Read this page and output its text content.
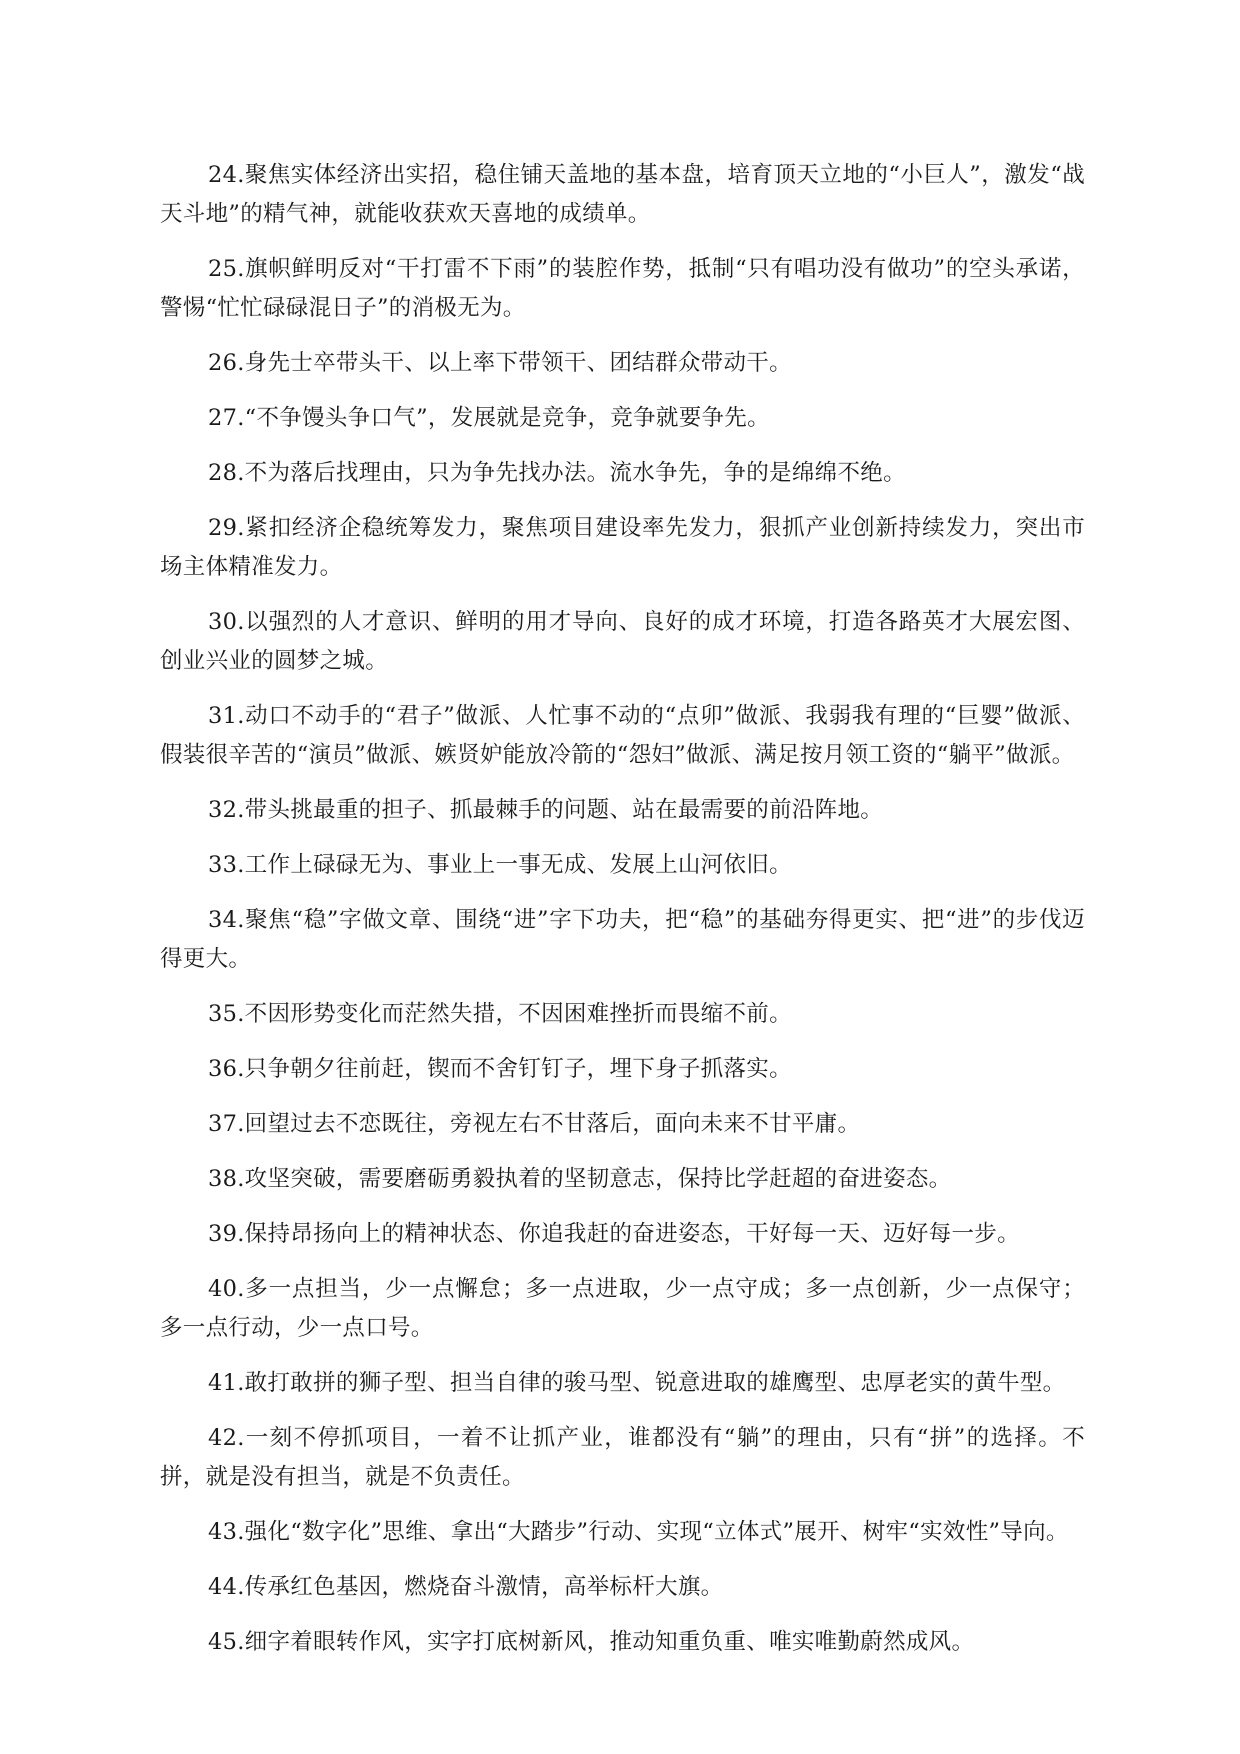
24.聚焦实体经济出实招，稳住铺天盖地的基本盘，培育顶天立地的“小巨人”，激发“战天斗地”的精气神，就能收获欢天喜地的成绩单。

25.旗帜鲜明反对“干打雷不下雨”的装腔作势，抵制“只有唱功没有做功”的空头承诺，警惕“忙忙碌碌混日子”的消极无为。

26.身先士卒带头干、以上率下带领干、团结群众带动干。

27.“不争馒头争口气”，发展就是竞争，竞争就要争先。

28.不为落后找理由，只为争先找办法。流水争先，争的是绵绵不绝。

29.紧扣经济企稳统筹发力，聚焦项目建设率先发力，狠抓产业创新持续发力，突出市场主体精准发力。

30.以强烈的人才意识、鲜明的用才导向、良好的成才环境，打造各路英才大展宏图、创业兴业的圆梦之城。

31.动口不动手的“君子”做派、人忙事不动的“点卯”做派、我弱我有理的“巨婴”做派、假装很辛苦的“演员”做派、嫉贤妒能放冷箭的“怨妇”做派、满足按月领工资的“躺平”做派。

32.带头挑最重的担子、抓最棘手的问题、站在最需要的前沿阵地。

33.工作上碌碌无为、事业上一事无成、发展上山河依旧。

34.聚焦“稳”字做文章、围绕“进”字下功夫，把“稳”的基础夯得更实、把“进”的步伐迈得更大。

35.不因形势变化而茫然失措，不因困难挫折而畏缩不前。

36.只争朝夕往前赶，锲而不舍钉钉子，埋下身子抓落实。

37.回望过去不恋既往，旁视左右不甘落后，面向未来不甘平庸。

38.攻坚突破，需要磨砺勇毅执着的坚韧意志，保持比学赶超的奋进姿态。

39.保持昂扬向上的精神状态、你追我赶的奋进姿态，干好每一天、迈好每一步。

40.多一点担当，少一点懈怠；多一点进取，少一点守成；多一点创新，少一点保守；多一点行动，少一点口号。

41.敢打敢拼的狮子型、担当自律的骏马型、锐意进取的雄鹰型、忠厚老实的黄牛型。

42.一刻不停抓项目，一着不让抓产业，谁都没有“躺”的理由，只有“拼”的选择。不拼，就是没有担当，就是不负责任。

43.强化“数字化”思维、拿出“大踏步”行动、实现“立体式”展开、树牢“实效性”导向。

44.传承红色基因，燃烧奋斗激情，高举标杆大旗。

45.细字着眼转作风，实字打底树新风，推动知重负重、唯实唯勤蔚然成风。
